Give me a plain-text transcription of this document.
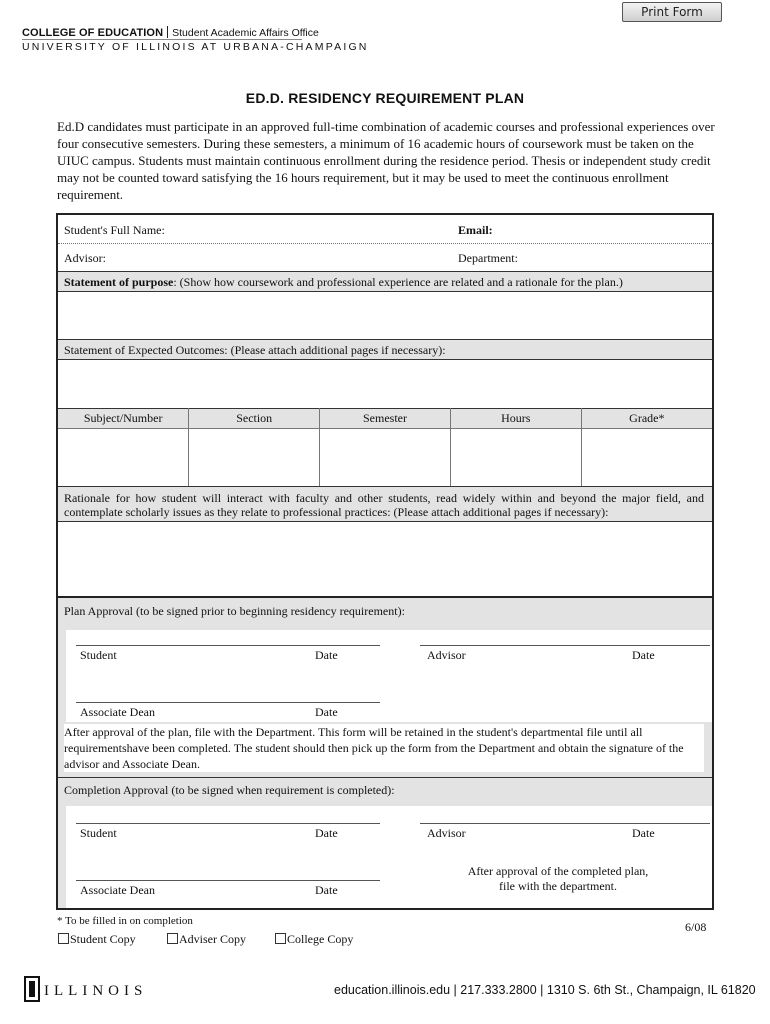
Print Form
COLLEGE OF EDUCATION Student Academic Affairs Office
UNIVERSITY OF ILLINOIS AT URBANA-CHAMPAIGN
ED.D. RESIDENCY REQUIREMENT PLAN
Ed.D candidates must participate in an approved full-time combination of academic courses and professional experiences over four consecutive semesters. During these semesters, a minimum of 16 academic hours of coursework must be taken on the UIUC campus. Students must maintain continuous enrollment during the residence period. Thesis or independent study credit may not be counted toward satisfying the 16 hours requirement, but it may be used to meet the continuous enrollment requirement.
Student's Full Name:	Email:
Advisor:	Department:
Statement of purpose: (Show how coursework and professional experience are related and a rationale for the plan.)
Statement of Expected Outcomes: (Please attach additional pages if necessary):
Subject/Number	Section	Semester	Hours	Grade*

Rationale for how student will interact with faculty and other students, read widely within and beyond the major field, and contemplate scholarly issues as they relate to professional practices: (Please attach additional pages if necessary):
Plan Approval (to be signed prior to beginning residency requirement):
Student	Date	Advisor	Date
Associate Dean	Date
After approval of the plan, file with the Department. This form will be retained in the student's departmental file until all requirementshave been completed. The student should then pick up the form from the Department and obtain the signature of the advisor and Associate Dean.
Completion Approval (to be signed when requirement is completed):
Student	Date	Advisor	Date
Associate Dean	Date
After approval of the completed plan,
file with the department.
* To be filled in on completion	6/08
Student Copy	Adviser Copy	College Copy
ILLINOIS	education.illinois.edu | 217.333.2800 | 1310 S. 6th St., Champaign, IL 61820
